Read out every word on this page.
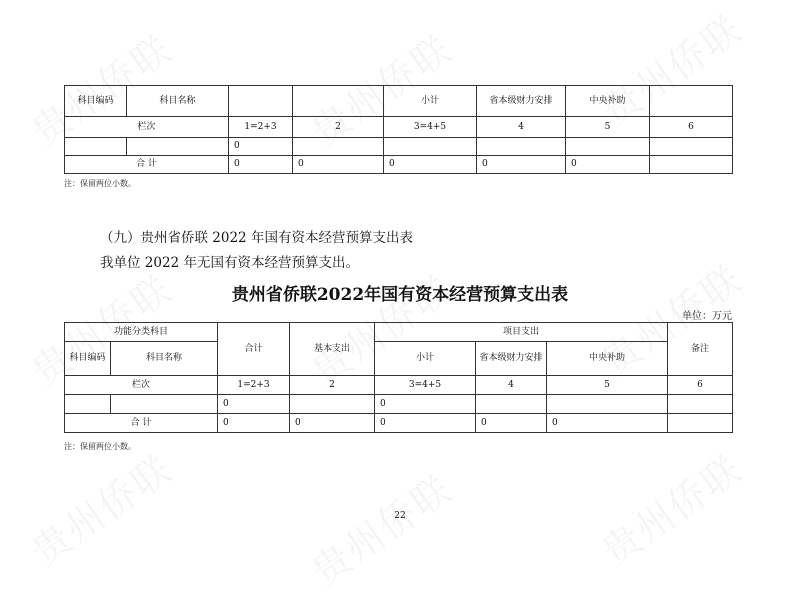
科目编码	科目名称			小计	省本级财力安排	中央补助	
栏次		1=2+3	2	3=4+5	4	5	6
		0					
合 计		0	0	0	0	0	
注：保留两位小数。
（九）贵州省侨联 2022 年国有资本经营预算支出表
我单位 2022 年无国有资本经营预算支出。
贵州省侨联2022年国有资本经营预算支出表
单位：万元
功能分类科目		合计	基本支出	项目支出			备注
科目编码	科目名称			小计	省本级财力安排	中央补助	
栏次		1=2+3	2	3=4+5	4	5	6
		0		0			
合 计		0	0	0	0	0	
注：保留两位小数。
22
